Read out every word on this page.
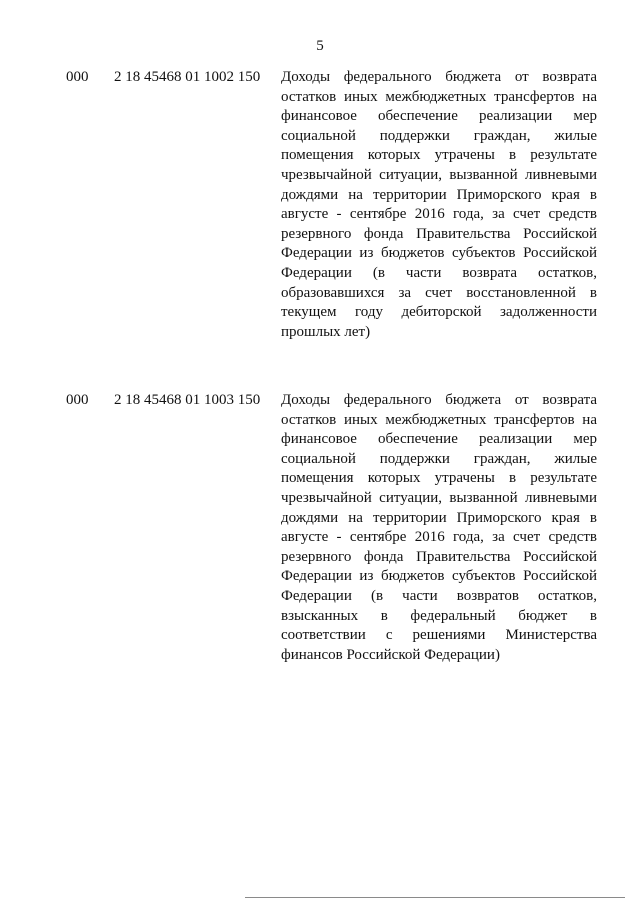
5
000 2 18 45468 01 1002 150 Доходы федерального бюджета от возврата
остатков иных межбюджетных трансфертов на
финансовое обеспечение реализации мер
социальной поддержки граждан, жилые
помещения которых утрачены в результате
чрезвычайной ситуации, вызванной ливневыми
дождями на территории Приморского края в
августе - сентябре 2016 года, за счет средств
резервного фонда Правительства Российской
Федерации из бюджетов субъектов Российской
Федерации (в части возврата остатков,
образовавшихся за счет восстановленной в
текущем году дебиторской задолженности
прошлых лет)
000 2 18 45468 01 1003 150 Доходы федерального бюджета от возврата
остатков иных межбюджетных трансфертов на
финансовое обеспечение реализации мер
социальной поддержки граждан, жилые
помещения которых утрачены в результате
чрезвычайной ситуации, вызванной ливневыми
дождями на территории Приморского края в
августе - сентябре 2016 года, за счет средств
резервного фонда Правительства Российской
Федерации из бюджетов субъектов Российской
Федерации (в части возвратов остатков,
взысканных в федеральный бюджет в
соответствии с решениями Министерства
финансов Российской Федерации)
